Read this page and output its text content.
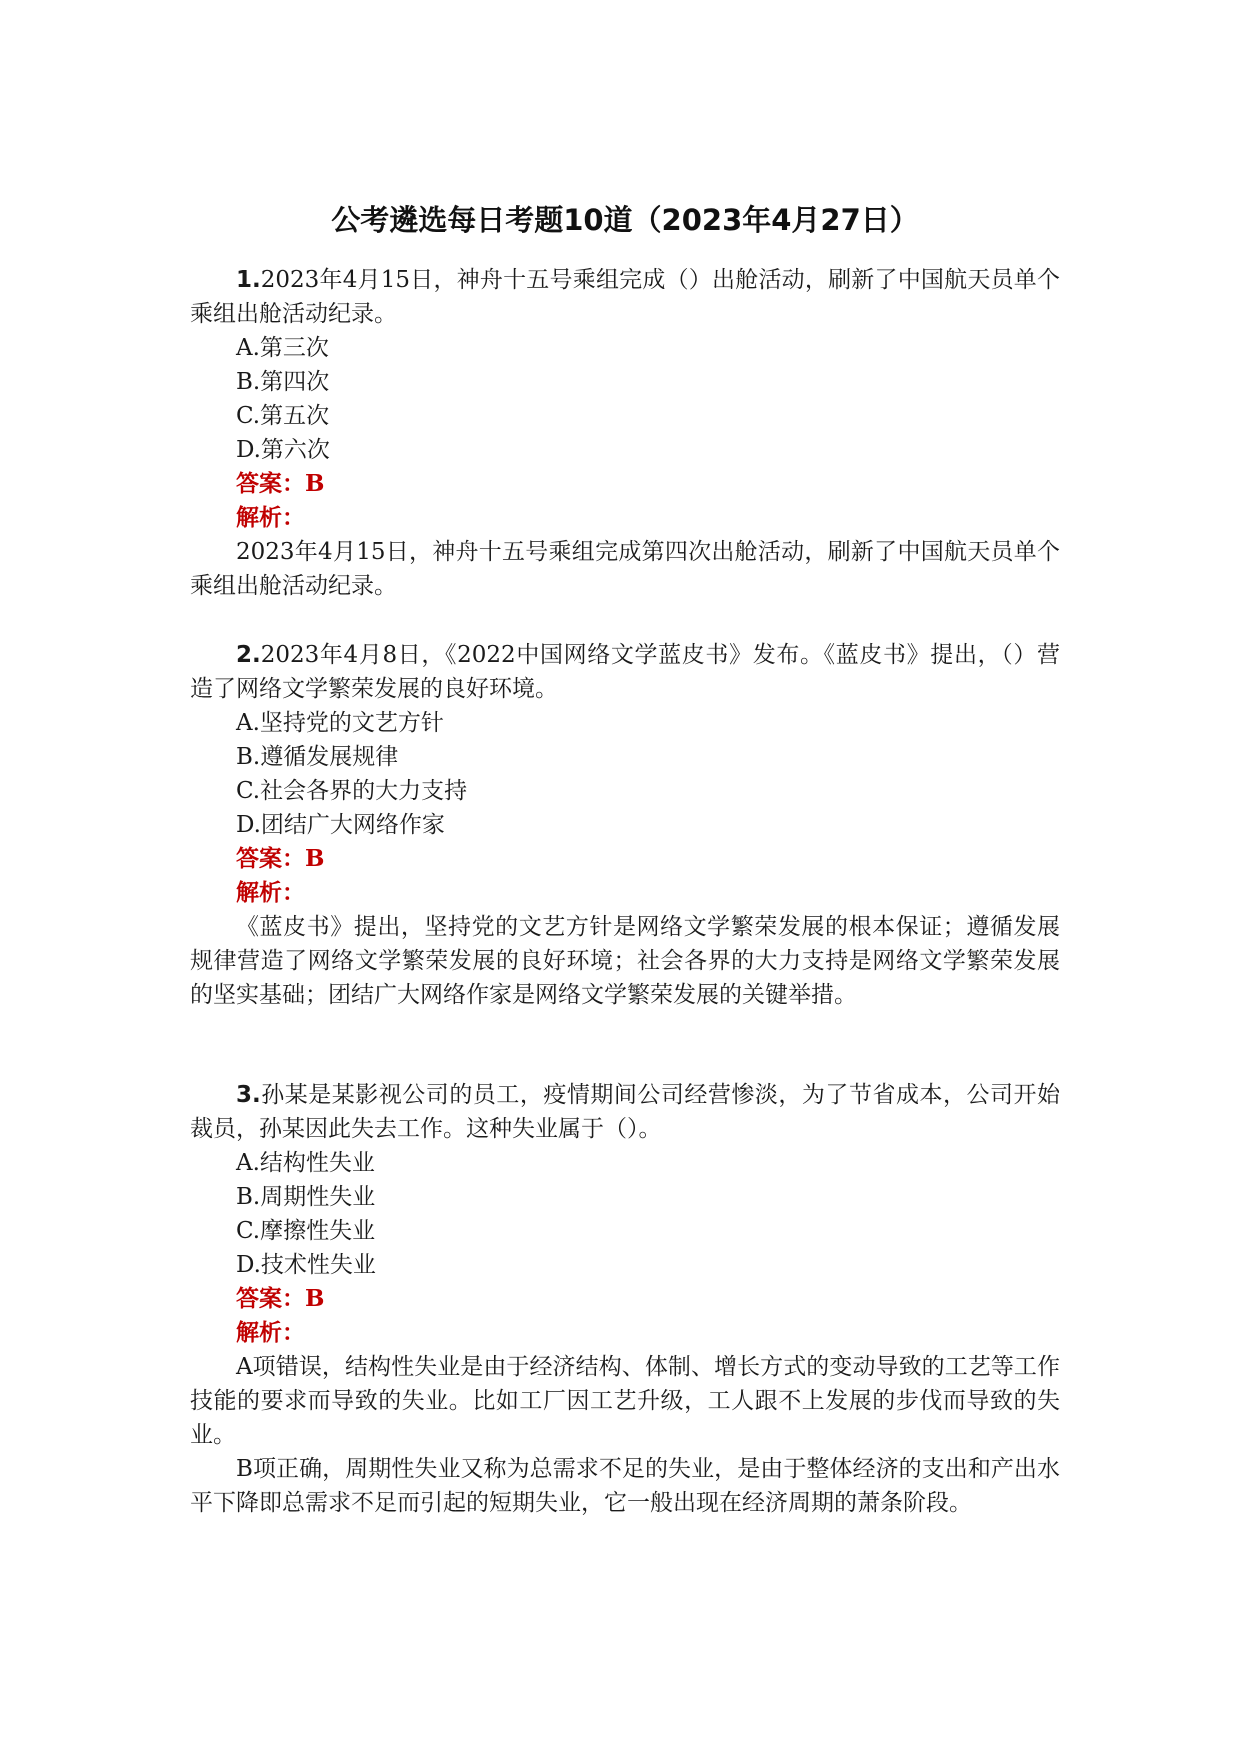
公考遴选每日考题10道（2023年4月27日）

1.2023年4月15日，神舟十五号乘组完成（）出舱活动，刷新了中国航天员单个乘组出舱活动纪录。

A.第三次

B.第四次

C.第五次

D.第六次

答案：B

解析：

2023年4月15日，神舟十五号乘组完成第四次出舱活动，刷新了中国航天员单个乘组出舱活动纪录。

2.2023年4月8日，《2022中国网络文学蓝皮书》发布。《蓝皮书》提出，（）营造了网络文学繁荣发展的良好环境。

A.坚持党的文艺方针

B.遵循发展规律

C.社会各界的大力支持

D.团结广大网络作家

答案：B

解析：

《蓝皮书》提出，坚持党的文艺方针是网络文学繁荣发展的根本保证；遵循发展规律营造了网络文学繁荣发展的良好环境；社会各界的大力支持是网络文学繁荣发展的坚实基础；团结广大网络作家是网络文学繁荣发展的关键举措。

3.孙某是某影视公司的员工，疫情期间公司经营惨淡，为了节省成本，公司开始裁员，孙某因此失去工作。这种失业属于（）。

A.结构性失业

B.周期性失业

C.摩擦性失业

D.技术性失业

答案：B

解析：

A项错误，结构性失业是由于经济结构、体制、增长方式的变动导致的工艺等工作技能的要求而导致的失业。比如工厂因工艺升级，工人跟不上发展的步伐而导致的失业。

B项正确，周期性失业又称为总需求不足的失业，是由于整体经济的支出和产出水平下降即总需求不足而引起的短期失业，它一般出现在经济周期的萧条阶段。
